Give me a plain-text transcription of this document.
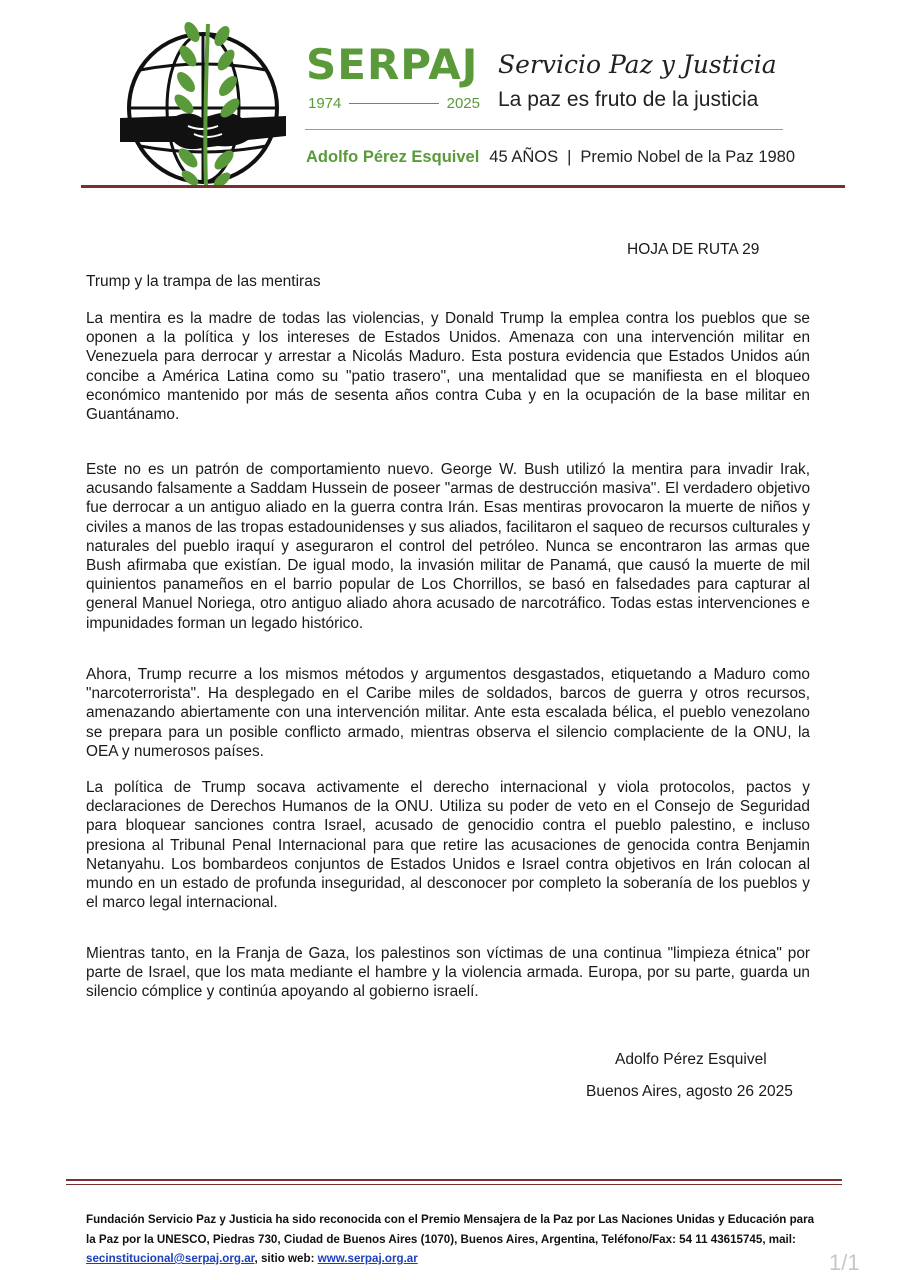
SERPAJ
1974	2025

Servicio Paz y Justicia

La paz es fruto de la justicia

Adolfo Pérez Esquivel 45 AÑOS | Premio Nobel de la Paz 1980

HOJA DE RUTA 29

Trump y la trampa de las mentiras

La mentira es la madre de todas las violencias, y Donald Trump la emplea contra los pueblos que se oponen a la política y los intereses de Estados Unidos. Amenaza con una intervención militar en Venezuela para derrocar y arrestar a Nicolás Maduro. Esta postura evidencia que Estados Unidos aún concibe a América Latina como su "patio trasero", una mentalidad que se manifiesta en el bloqueo económico mantenido por más de sesenta años contra Cuba y en la ocupación de la base militar en Guantánamo.

Este no es un patrón de comportamiento nuevo. George W. Bush utilizó la mentira para invadir Irak, acusando falsamente a Saddam Hussein de poseer "armas de destrucción masiva". El verdadero objetivo fue derrocar a un antiguo aliado en la guerra contra Irán. Esas mentiras provocaron la muerte de niños y civiles a manos de las tropas estadounidenses y sus aliados, facilitaron el saqueo de recursos culturales y naturales del pueblo iraquí y aseguraron el control del petróleo. Nunca se encontraron las armas que Bush afirmaba que existían. De igual modo, la invasión militar de Panamá, que causó la muerte de mil quinientos panameños en el barrio popular de Los Chorrillos, se basó en falsedades para capturar al general Manuel Noriega, otro antiguo aliado ahora acusado de narcotráfico. Todas estas intervenciones e impunidades forman un legado histórico.

Ahora, Trump recurre a los mismos métodos y argumentos desgastados, etiquetando a Maduro como "narcoterrorista". Ha desplegado en el Caribe miles de soldados, barcos de guerra y otros recursos, amenazando abiertamente con una intervención militar. Ante esta escalada bélica, el pueblo venezolano se prepara para un posible conflicto armado, mientras observa el silencio complaciente de la ONU, la OEA y numerosos países.

La política de Trump socava activamente el derecho internacional y viola protocolos, pactos y declaraciones de Derechos Humanos de la ONU. Utiliza su poder de veto en el Consejo de Seguridad para bloquear sanciones contra Israel, acusado de genocidio contra el pueblo palestino, e incluso presiona al Tribunal Penal Internacional para que retire las acusaciones de genocida contra Benjamin Netanyahu. Los bombardeos conjuntos de Estados Unidos e Israel contra objetivos en Irán colocan al mundo en un estado de profunda inseguridad, al desconocer por completo la soberanía de los pueblos y el marco legal internacional.

Mientras tanto, en la Franja de Gaza, los palestinos son víctimas de una continua "limpieza étnica" por parte de Israel, que los mata mediante el hambre y la violencia armada. Europa, por su parte, guarda un silencio cómplice y continúa apoyando al gobierno israelí.

Adolfo Pérez Esquivel

Buenos Aires, agosto 26 2025

Fundación Servicio Paz y Justicia ha sido reconocida con el Premio Mensajera de la Paz por Las Naciones Unidas y Educación para la Paz por la UNESCO, Piedras 730, Ciudad de Buenos Aires (1070), Buenos Aires, Argentina, Teléfono/Fax: 54 11 43615745, mail: secinstitucional@serpaj.org.ar, sitio web: www.serpaj.org.ar	1/1
